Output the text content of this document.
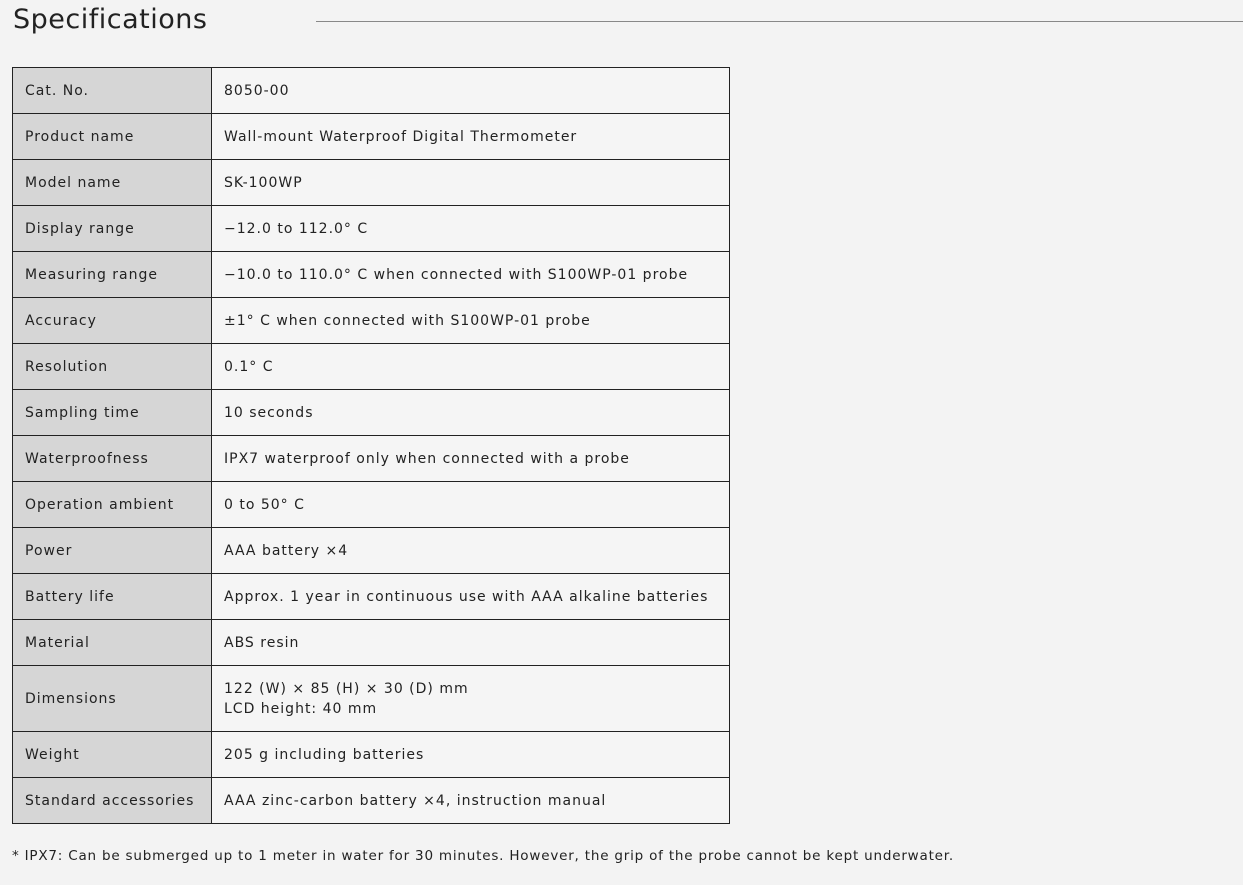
Specifications
Cat. No.	8050-00
Product name	Wall-mount Waterproof Digital Thermometer
Model name	SK-100WP
Display range	−12.0 to 112.0° C
Measuring range	−10.0 to 110.0° C when connected with S100WP-01 probe
Accuracy	±1° C when connected with S100WP-01 probe
Resolution	0.1° C
Sampling time	10 seconds
Waterproofness	IPX7 waterproof only when connected with a probe
Operation ambient	0 to 50° C
Power	AAA battery ×4
Battery life	Approx. 1 year in continuous use with AAA alkaline batteries
Material	ABS resin
Dimensions	122 (W) × 85 (H) × 30 (D) mm
LCD height: 40 mm

Weight	205 g including batteries
Standard accessories	AAA zinc-carbon battery ×4, instruction manual
* IPX7: Can be submerged up to 1 meter in water for 30 minutes. However, the grip of the probe cannot be kept underwater.
